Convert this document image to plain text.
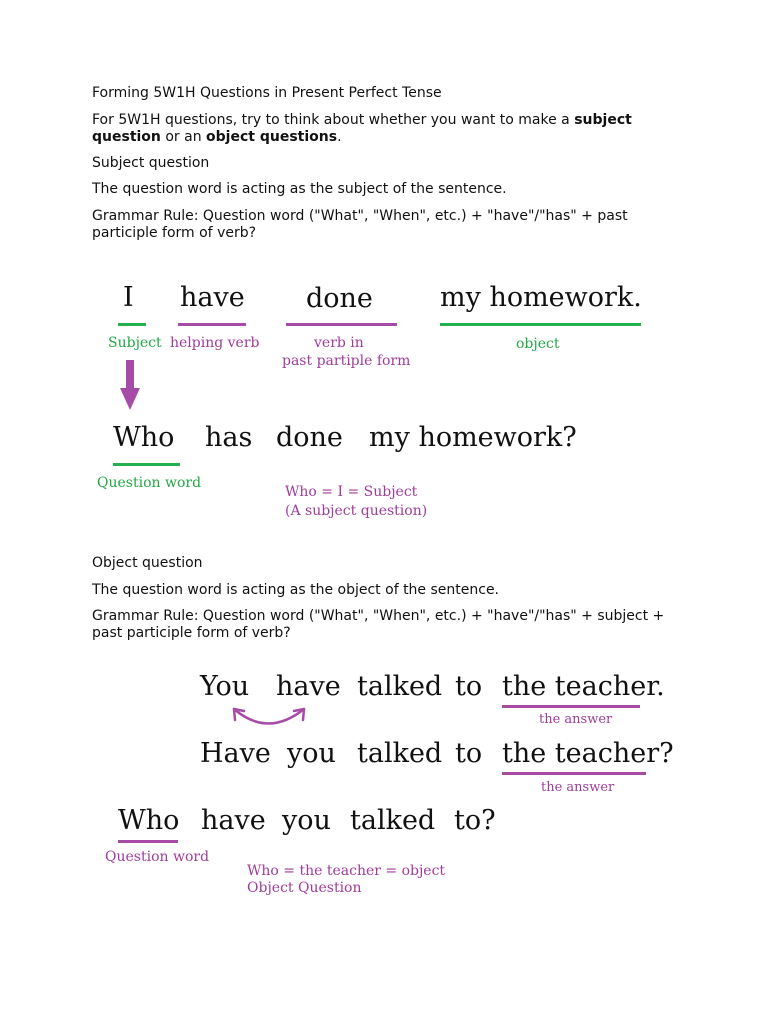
Forming 5W1H Questions in Present Perfect Tense
For 5W1H questions, try to think about whether you want to make a subject question or an object questions.
Subject question
The question word is acting as the subject of the sentence.
Grammar Rule: Question word ("What", "When", etc.) + "have"/"has" + past participle form of verb?
I have done my homework.
Subject helping verb	verb in
past partiple form
object
Who has done my homework?
Question word
Who = I = Subject
(A subject question)
Object question
The question word is acting as the object of the sentence.
Grammar Rule: Question word ("What", "When", etc.) + "have"/"has" + subject + past participle form of verb?
You have talked to the teacher.
the answer
Have you talked to the teacher?
the answer
Who have you talked to?
Question word
Who = the teacher = object
Object Question
